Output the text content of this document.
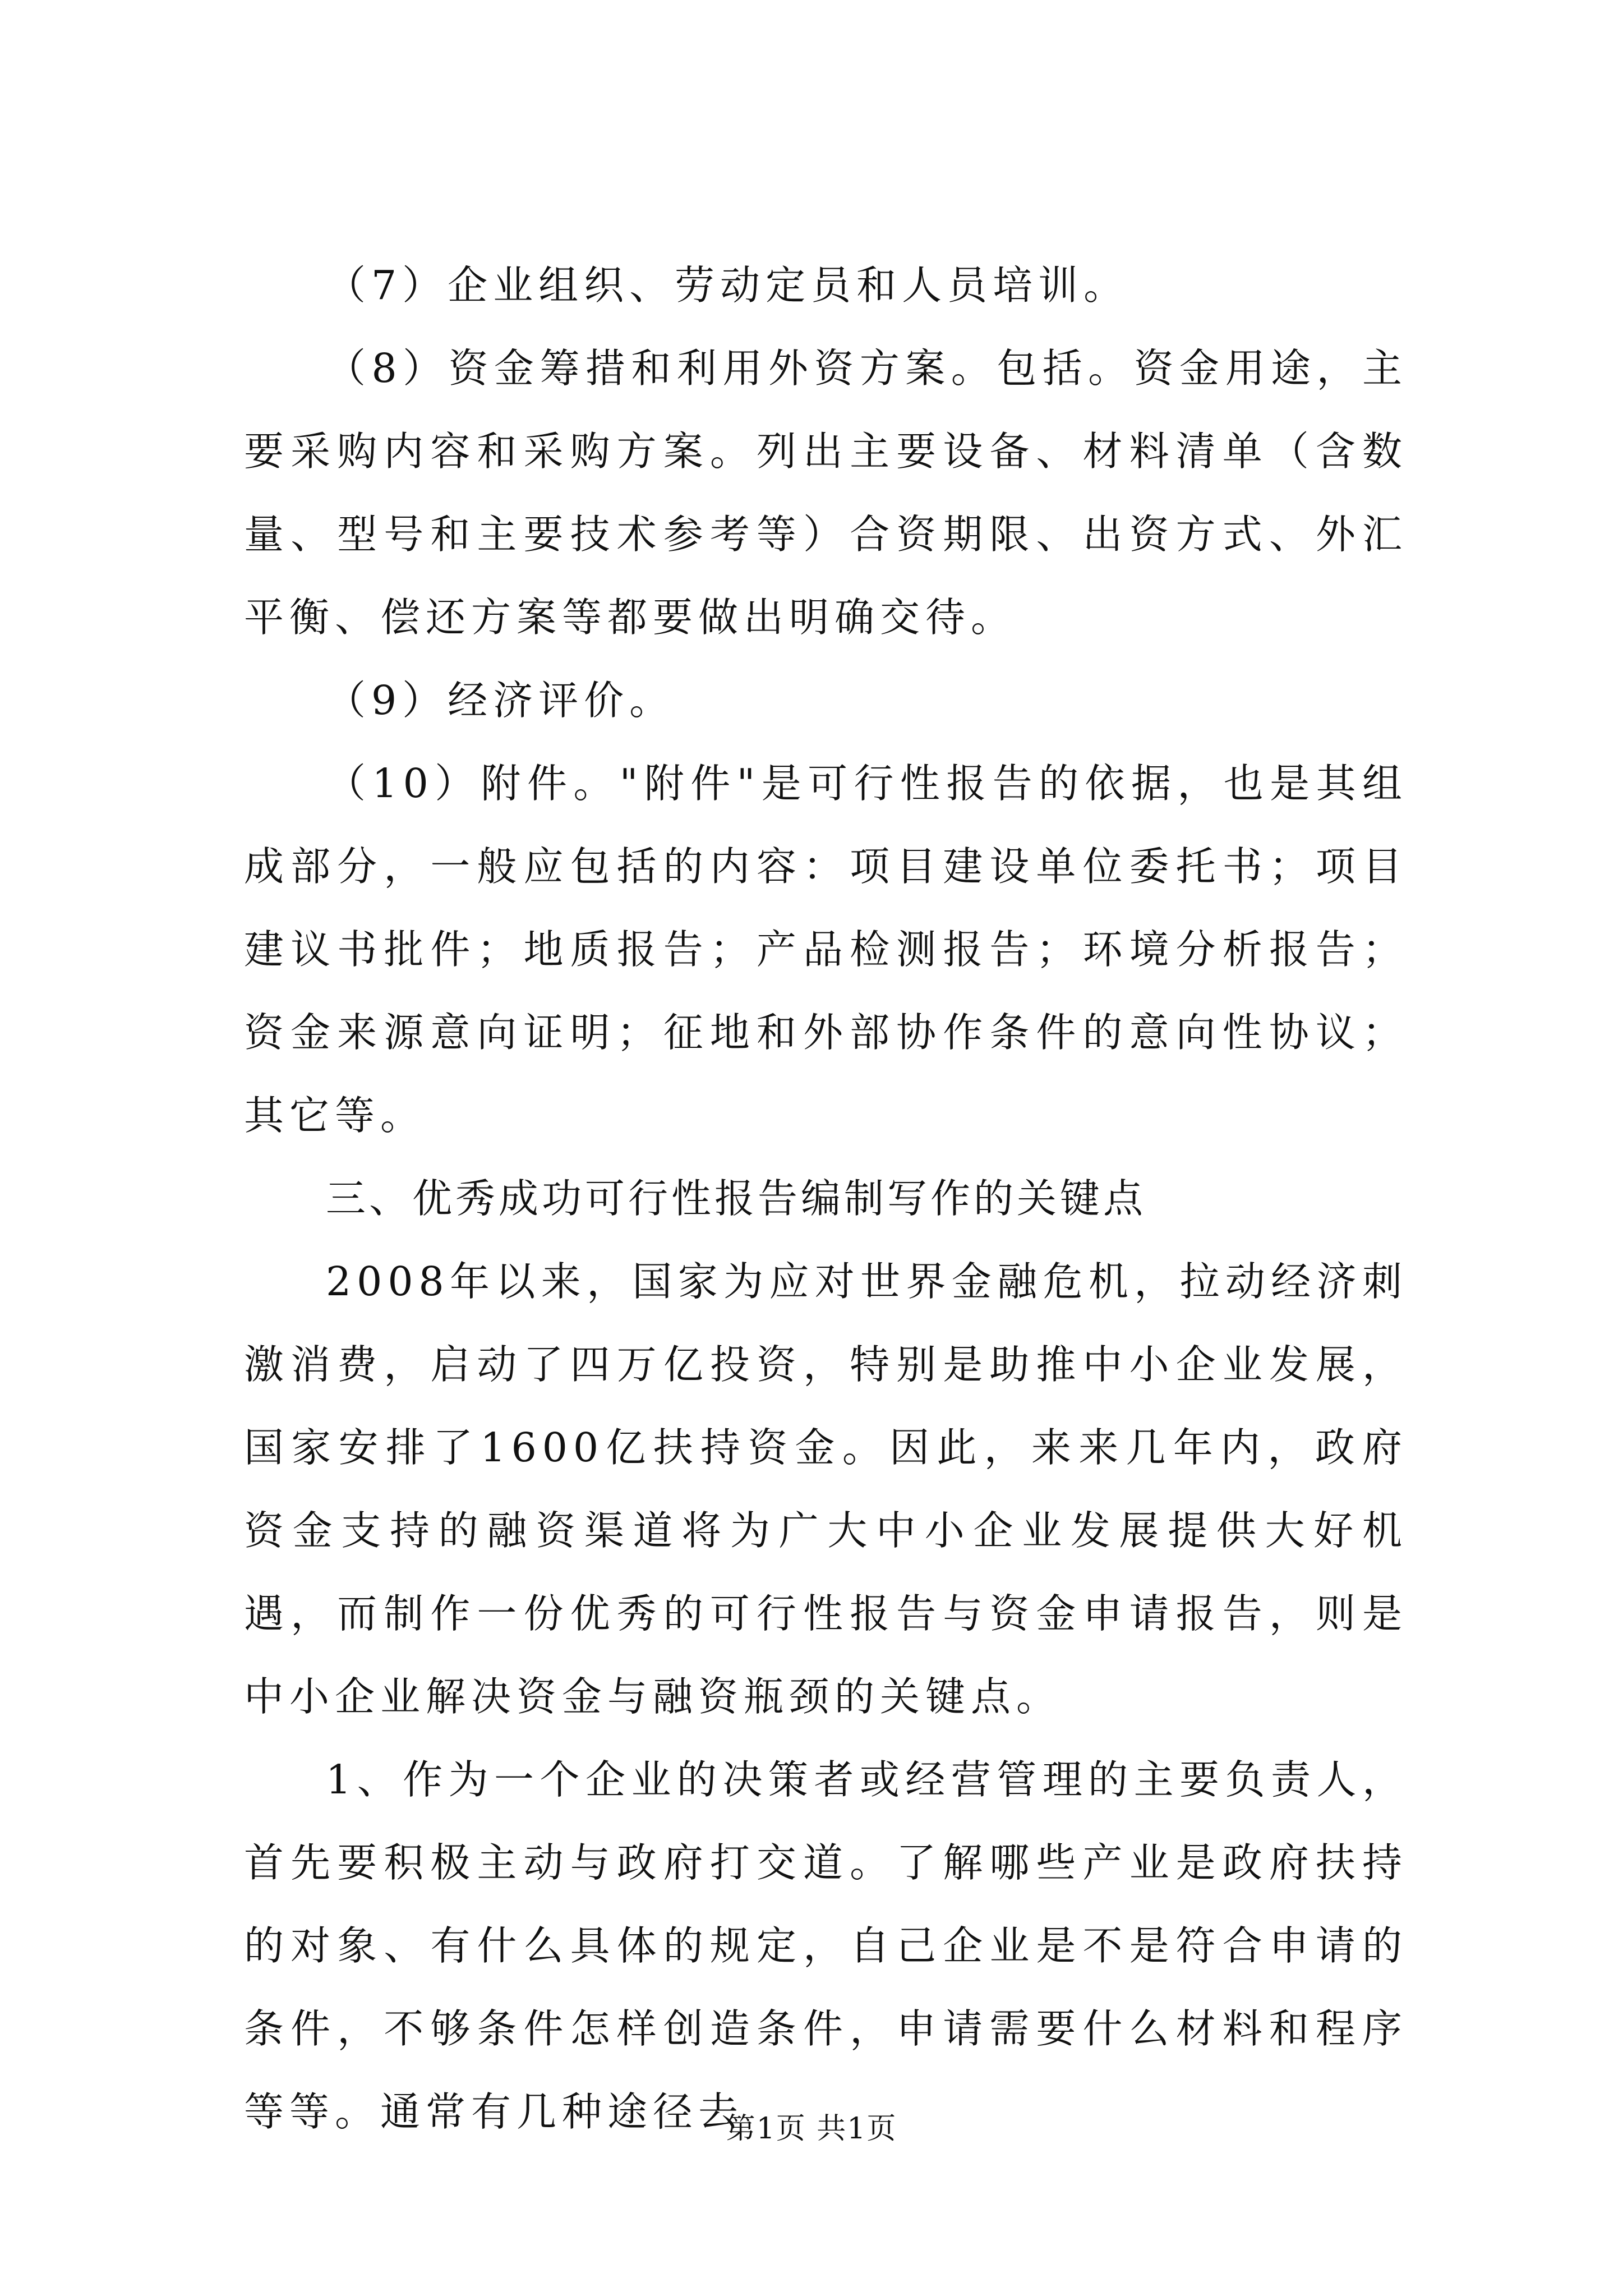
（7）企业组织、劳动定员和人员培训。

（8）资金筹措和利用外资方案。包括。资金用途，主要采购内容和采购方案。列出主要设备、材料清单（含数量、型号和主要技术参考等）合资期限、出资方式、外汇平衡、偿还方案等都要做出明确交待。

（9）经济评价。

（10）附件。"附件"是可行性报告的依据，也是其组成部分，一般应包括的内容：项目建设单位委托书；项目建议书批件；地质报告；产品检测报告；环境分析报告；资金来源意向证明；征地和外部协作条件的意向性协议；其它等。

三、优秀成功可行性报告编制写作的关键点

2008年以来，国家为应对世界金融危机，拉动经济刺激消费，启动了四万亿投资，特别是助推中小企业发展，国家安排了1600亿扶持资金。因此，来来几年内，政府资金支持的融资渠道将为广大中小企业发展提供大好机遇，而制作一份优秀的可行性报告与资金申请报告，则是中小企业解决资金与融资瓶颈的关键点。

1、作为一个企业的决策者或经营管理的主要负责人，首先要积极主动与政府打交道。了解哪些产业是政府扶持的对象、有什么具体的规定，自己企业是不是符合申请的条件，不够条件怎样创造条件，申请需要什么材料和程序等等。通常有几种途径去

第1页 共1页
